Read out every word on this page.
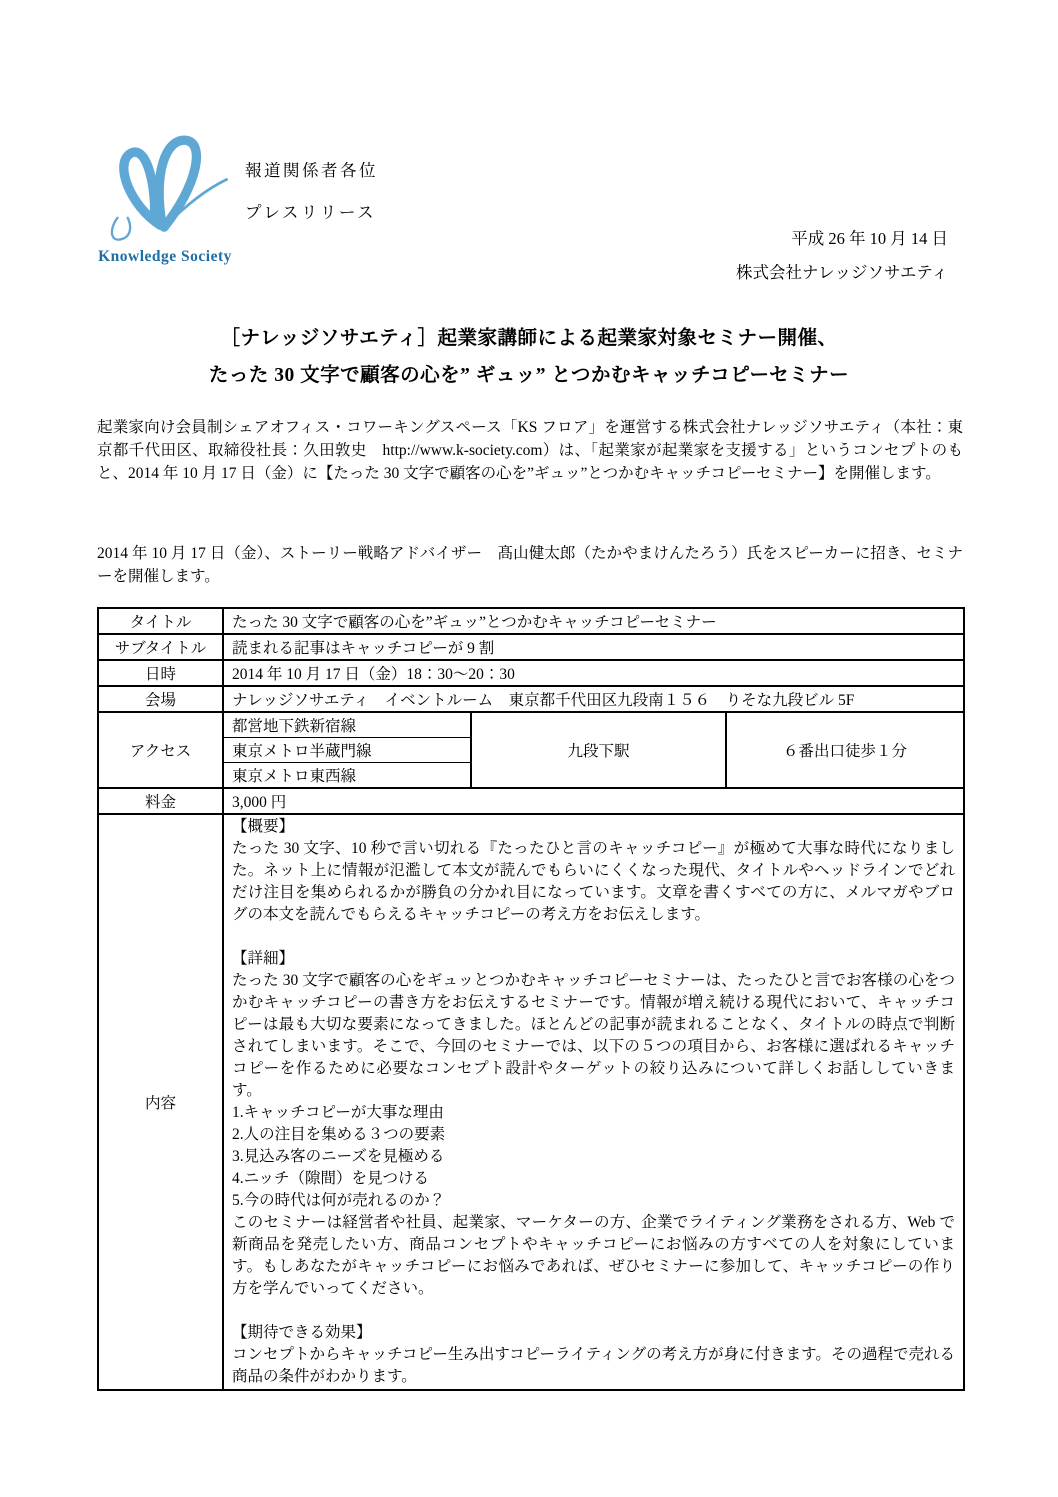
Knowledge Society
報道関係者各位
プレスリリース
平成 26 年 10 月 14 日
株式会社ナレッジソサエティ
［ナレッジソサエティ］起業家講師による起業家対象セミナー開催、
たった 30 文字で顧客の心を” ギュッ” とつかむキャッチコピーセミナー

起業家向け会員制シェアオフィス・コワーキングスペース「KS フロア」を運営する株式会社ナレッジソサエティ（本社：東京都千代田区、取締役社長：久田敦史　http://www.k-society.com）は、「起業家が起業家を支援する」というコンセプトのもと、2014 年 10 月 17 日（金）に【たった 30 文字で顧客の心を”ギュッ”とつかむキャッチコピーセミナー】を開催します。

2014 年 10 月 17 日（金）、ストーリー戦略アドバイザー　髙山健太郎（たかやまけんたろう）氏をスピーカーに招き、セミナーを開催します。

タイトル	たった 30 文字で顧客の心を”ギュッ”とつかむキャッチコピーセミナー		
サブタイトル	読まれる記事はキャッチコピーが 9 割		
日時	2014 年 10 月 17 日（金）18：30～20：30		
会場	ナレッジソサエティ　イベントルーム　東京都千代田区九段南１５６　りそな九段ビル 5F		
アクセス	都営地下鉄新宿線	九段下駅	６番出口徒歩１分
	東京メトロ半蔵門線		
	東京メトロ東西線		
料金	3,000 円		
内容	
【概要】
たった 30 文字、10 秒で言い切れる『たったひと言のキャッチコピー』が極めて大事な時代になりました。ネット上に情報が氾濫して本文が読んでもらいにくくなった現代、タイトルやヘッドラインでどれだけ注目を集められるかが勝負の分かれ目になっています。文章を書くすべての方に、メルマガやブログの本文を読んでもらえるキャッチコピーの考え方をお伝えします。
【詳細】
たった 30 文字で顧客の心をギュッとつかむキャッチコピーセミナーは、たったひと言でお客様の心をつかむキャッチコピーの書き方をお伝えするセミナーです。情報が増え続ける現代において、キャッチコピーは最も大切な要素になってきました。ほとんどの記事が読まれることなく、タイトルの時点で判断されてしまいます。そこで、今回のセミナーでは、以下の５つの項目から、お客様に選ばれるキャッチコピーを作るために必要なコンセプト設計やターゲットの絞り込みについて詳しくお話ししていきます。
1.キャッチコピーが大事な理由
2.人の注目を集める３つの要素
3.見込み客のニーズを見極める
4.ニッチ（隙間）を見つける
5.今の時代は何が売れるのか？
このセミナーは経営者や社員、起業家、マーケターの方、企業でライティング業務をされる方、Web で新商品を発売したい方、商品コンセプトやキャッチコピーにお悩みの方すべての人を対象にしています。もしあなたがキャッチコピーにお悩みであれば、ぜひセミナーに参加して、キャッチコピーの作り方を学んでいってください。
【期待できる効果】
コンセプトからキャッチコピー生み出すコピーライティングの考え方が身に付きます。その過程で売れる商品の条件がわかります。
